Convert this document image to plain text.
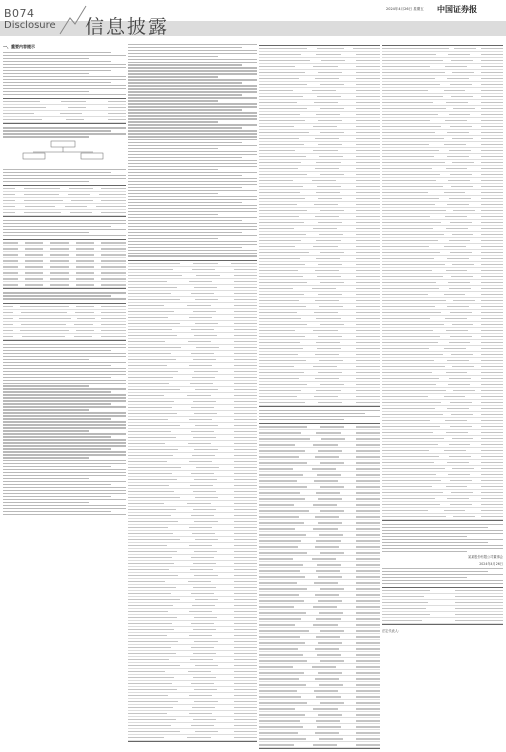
B074
Disclosure 信息披露
2024年4月26日 星期五 中国证券报
一、重要内容提示
某某股份有限公司董事会
2024年4月26日
法定代表人：
